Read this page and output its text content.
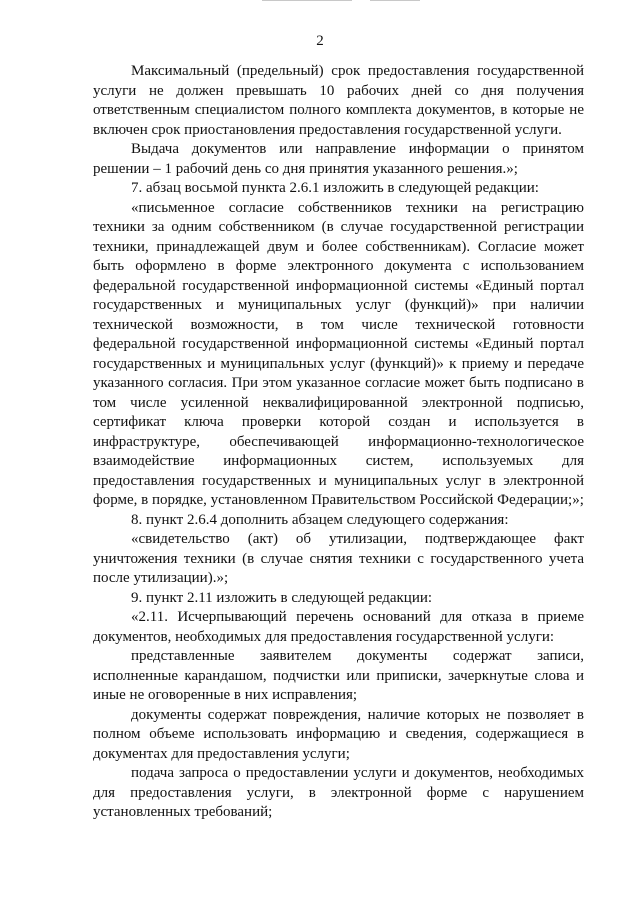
2

Максимальный (предельный) срок предоставления государственной услуги не должен превышать 10 рабочих дней со дня получения ответственным специалистом полного комплекта документов, в которые не включен срок приостановления предоставления государственной услуги.

Выдача документов или направление информации о принятом решении – 1 рабочий день со дня принятия указанного решения.»;

7. абзац восьмой пункта 2.6.1 изложить в следующей редакции:

«письменное согласие собственников техники на регистрацию техники за одним собственником (в случае государственной регистрации техники, принадлежащей двум и более собственникам). Согласие может быть оформлено в форме электронного документа с использованием федеральной государственной информационной системы «Единый портал государственных и муниципальных услуг (функций)» при наличии технической возможности, в том числе технической готовности федеральной государственной информационной системы «Единый портал государственных и муниципальных услуг (функций)» к приему и передаче указанного согласия. При этом указанное согласие может быть подписано в том числе усиленной неквалифицированной электронной подписью, сертификат ключа проверки которой создан и используется в инфраструктуре, обеспечивающей информационно-технологическое взаимодействие информационных систем, используемых для предоставления государственных и муниципальных услуг в электронной форме, в порядке, установленном Правительством Российской Федерации;»;

8. пункт 2.6.4 дополнить абзацем следующего содержания:

«свидетельство (акт) об утилизации, подтверждающее факт уничтожения техники (в случае снятия техники с государственного учета после утилизации).»;

9. пункт 2.11 изложить в следующей редакции:

«2.11. Исчерпывающий перечень оснований для отказа в приеме документов, необходимых для предоставления государственной услуги:

представленные заявителем документы содержат записи, исполненные карандашом, подчистки или приписки, зачеркнутые слова и иные не оговоренные в них исправления;

документы содержат повреждения, наличие которых не позволяет в полном объеме использовать информацию и сведения, содержащиеся в документах для предоставления услуги;

подача запроса о предоставлении услуги и документов, необходимых для предоставления услуги, в электронной форме с нарушением установленных требований;
